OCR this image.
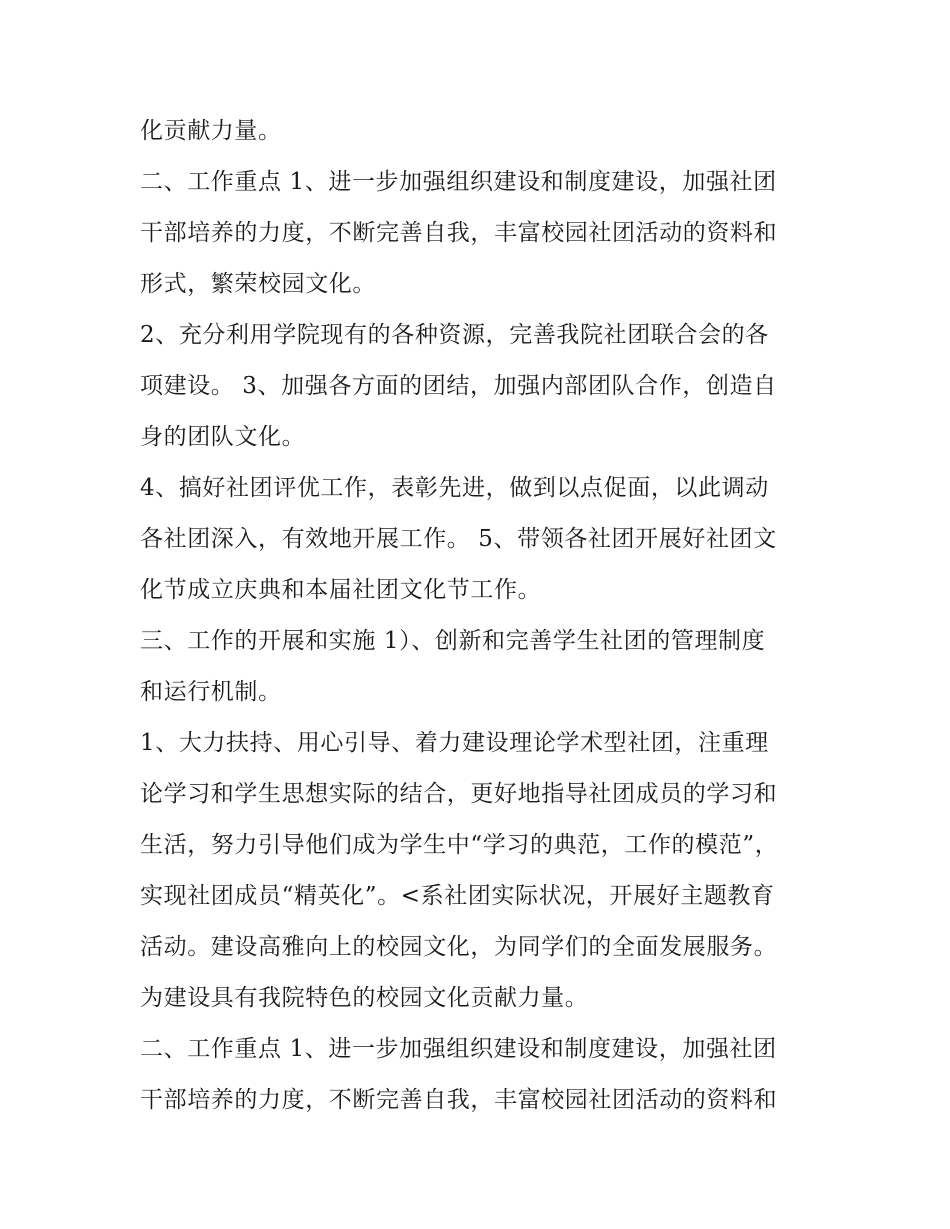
化贡献力量。
二、工作重点 1、进一步加强组织建设和制度建设，加强社团
干部培养的力度，不断完善自我，丰富校园社团活动的资料和
形式，繁荣校园文化。
2、充分利用学院现有的各种资源，完善我院社团联合会的各
项建设。 3、加强各方面的团结，加强内部团队合作，创造自
身的团队文化。
4、搞好社团评优工作，表彰先进，做到以点促面，以此调动
各社团深入，有效地开展工作。 5、带领各社团开展好社团文
化节成立庆典和本届社团文化节工作。
三、工作的开展和实施 1）、创新和完善学生社团的管理制度
和运行机制。
1、大力扶持、用心引导、着力建设理论学术型社团，注重理
论学习和学生思想实际的结合，更好地指导社团成员的学习和
生活，努力引导他们成为学生中“学习的典范，工作的模范”，
实现社团成员“精英化”。<系社团实际状况，开展好主题教育
活动。建设高雅向上的校园文化，为同学们的全面发展服务。
为建设具有我院特色的校园文化贡献力量。
二、工作重点 1、进一步加强组织建设和制度建设，加强社团
干部培养的力度，不断完善自我，丰富校园社团活动的资料和
